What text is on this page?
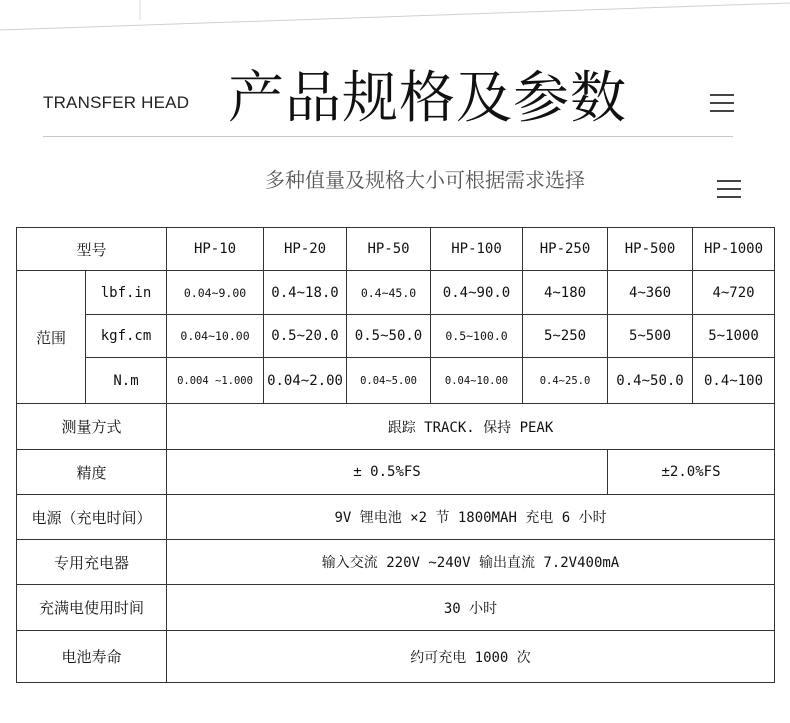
TRANSFER HEAD 产品规格及参数
多种值量及规格大小可根据需求选择
型号		HP-10	HP-20	HP-50	HP-100	HP-250	HP-500	HP-1000
范围	lbf.in	0.04~9.00	0.4~18.0	0.4~45.0	0.4~90.0	4~180	4~360	4~720
	kgf.cm	0.04~10.00	0.5~20.0	0.5~50.0	0.5~100.0	5~250	5~500	5~1000
	N.m	0.004 ~1.000	0.04~2.00	0.04~5.00	0.04~10.00	0.4~25.0	0.4~50.0	0.4~100
测量方式		跟踪 TRACK. 保持 PEAK						
精度		± 0.5%FS					±2.0%FS	
电源（充电时间）		9V 锂电池 ×2 节 1800MAH 充电 6 小时						
专用充电器		输入交流 220V ~240V 输出直流 7.2V400mA						
充满电使用时间		30 小时						
电池寿命		约可充电 1000 次						
